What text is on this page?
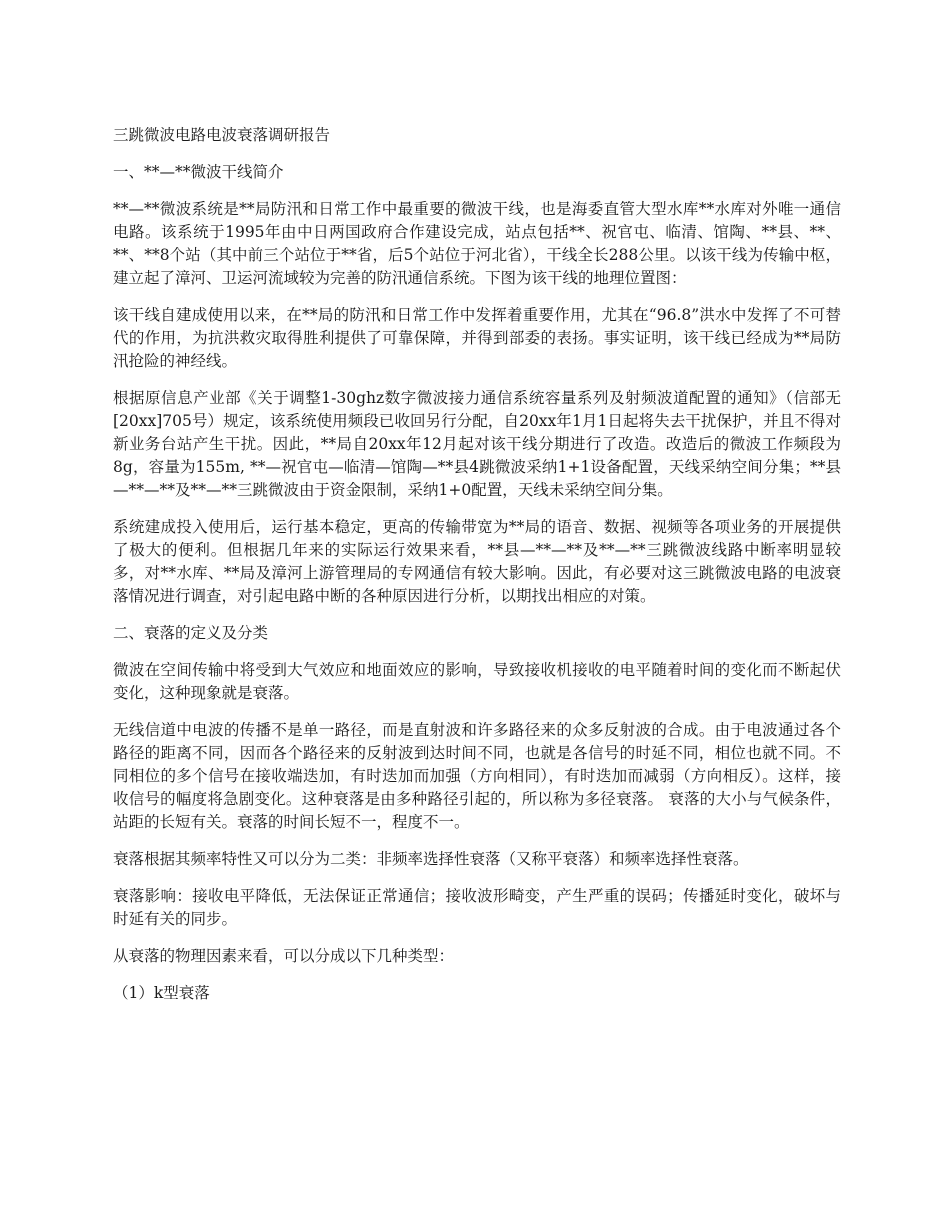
三跳微波电路电波衰落调研报告

一、**—**微波干线简介

**—**微波系统是**局防汛和日常工作中最重要的微波干线，也是海委直管大型水库**水库对外唯一通信电路。该系统于1995年由中日两国政府合作建设完成，站点包括**、祝官屯、临清、馆陶、**县、**、**、**8个站（其中前三个站位于**省，后5个站位于河北省），干线全长288公里。以该干线为传输中枢，建立起了漳河、卫运河流域较为完善的防汛通信系统。下图为该干线的地理位置图：

该干线自建成使用以来，在**局的防汛和日常工作中发挥着重要作用，尤其在“96.8”洪水中发挥了不可替代的作用，为抗洪救灾取得胜利提供了可靠保障，并得到部委的表扬。事实证明，该干线已经成为**局防汛抢险的神经线。

根据原信息产业部《关于调整1-30ghz数字微波接力通信系统容量系列及射频波道配置的通知》（信部无[20xx]705号）规定，该系统使用频段已收回另行分配，自20xx年1月1日起将失去干扰保护，并且不得对新业务台站产生干扰。因此，**局自20xx年12月起对该干线分期进行了改造。改造后的微波工作频段为8g，容量为155m, **—祝官屯—临清—馆陶—**县4跳微波采纳1+1设备配置，天线采纳空间分集；**县—**—**及**—**三跳微波由于资金限制，采纳1+0配置，天线未采纳空间分集。

系统建成投入使用后，运行基本稳定，更高的传输带宽为**局的语音、数据、视频等各项业务的开展提供了极大的便利。但根据几年来的实际运行效果来看，**县—**—**及**—**三跳微波线路中断率明显较多，对**水库、**局及漳河上游管理局的专网通信有较大影响。因此，有必要对这三跳微波电路的电波衰落情况进行调查，对引起电路中断的各种原因进行分析，以期找出相应的对策。

二、衰落的定义及分类

微波在空间传输中将受到大气效应和地面效应的影响，导致接收机接收的电平随着时间的变化而不断起伏变化，这种现象就是衰落。

无线信道中电波的传播不是单一路径，而是直射波和许多路径来的众多反射波的合成。由于电波通过各个路径的距离不同，因而各个路径来的反射波到达时间不同，也就是各信号的时延不同，相位也就不同。不同相位的多个信号在接收端迭加，有时迭加而加强（方向相同），有时迭加而减弱（方向相反）。这样，接收信号的幅度将急剧变化。这种衰落是由多种路径引起的，所以称为多径衰落。 衰落的大小与气候条件，站距的长短有关。衰落的时间长短不一，程度不一。

衰落根据其频率特性又可以分为二类：非频率选择性衰落（又称平衰落）和频率选择性衰落。

衰落影响：接收电平降低，无法保证正常通信；接收波形畸变，产生严重的误码；传播延时变化，破坏与时延有关的同步。

从衰落的物理因素来看，可以分成以下几种类型：

（1）k型衰落
